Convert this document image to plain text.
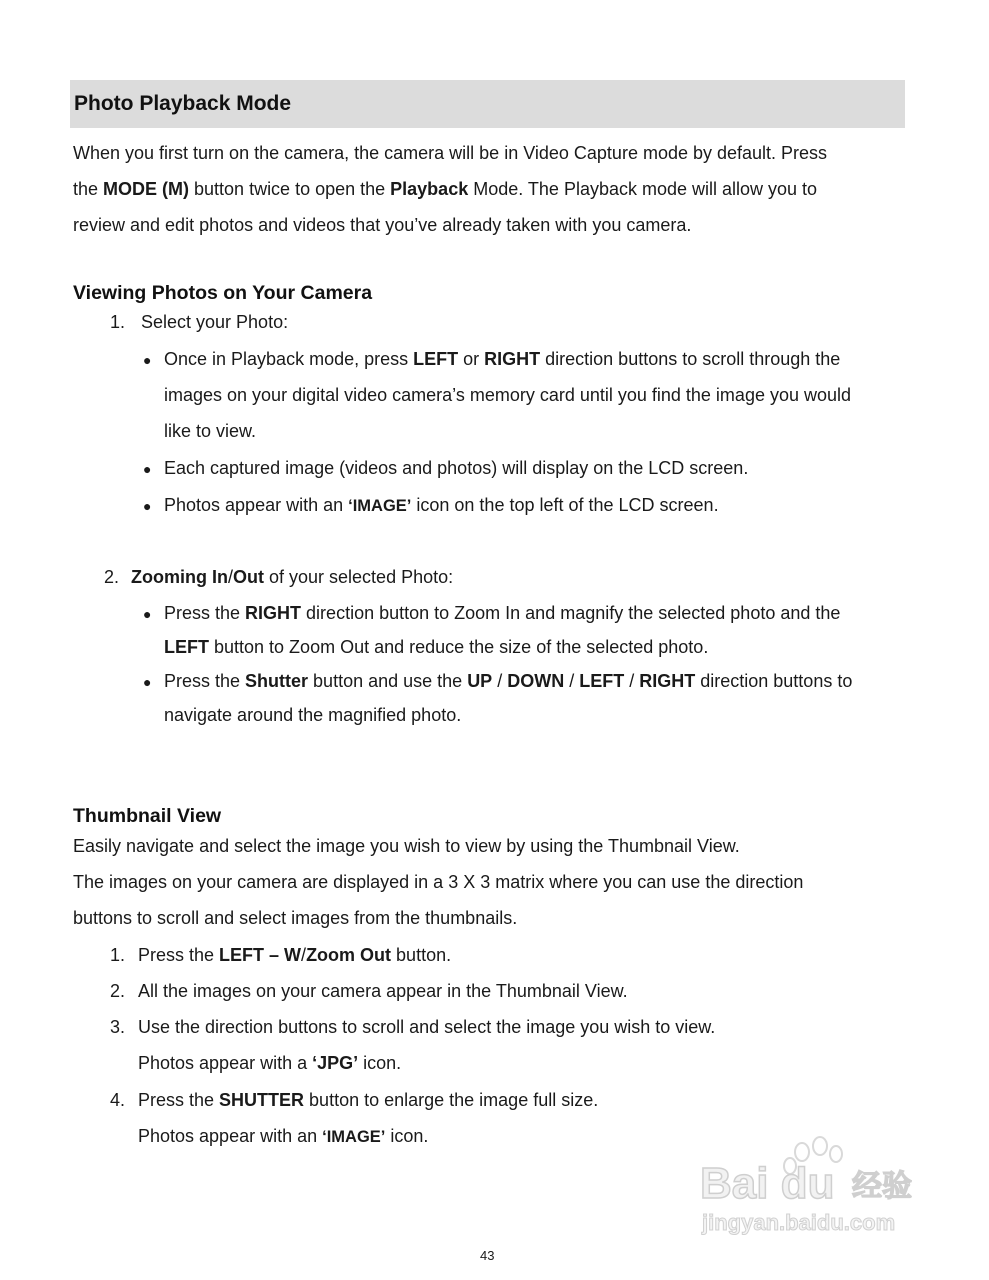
Photo Playback Mode
When you first turn on the camera, the camera will be in Video Capture mode by default. Press
the MODE (M) button twice to open the Playback Mode. The Playback mode will allow you to
review and edit photos and videos that you’ve already taken with you camera.
Viewing Photos on Your Camera
1. Select your Photo:
● Once in Playback mode, press LEFT or RIGHT direction buttons to scroll through the
images on your digital video camera’s memory card until you find the image you would
like to view.
● Each captured image (videos and photos) will display on the LCD screen.
● Photos appear with an ‘IMAGE’ icon on the top left of the LCD screen.
2. Zooming In/Out of your selected Photo:
● Press the RIGHT direction button to Zoom In and magnify the selected photo and the
LEFT button to Zoom Out and reduce the size of the selected photo.
● Press the Shutter button and use the UP / DOWN / LEFT / RIGHT direction buttons to
navigate around the magnified photo.
Thumbnail View
Easily navigate and select the image you wish to view by using the Thumbnail View.
The images on your camera are displayed in a 3 X 3 matrix where you can use the direction
buttons to scroll and select images from the thumbnails.
1. Press the LEFT – W/Zoom Out button.
2. All the images on your camera appear in the Thumbnail View.
3. Use the direction buttons to scroll and select the image you wish to view.
Photos appear with a ‘JPG’ icon.
4. Press the SHUTTER button to enlarge the image full size.
Photos appear with an ‘IMAGE’ icon.
Bai du 经验
jingyan.baidu.com
43
